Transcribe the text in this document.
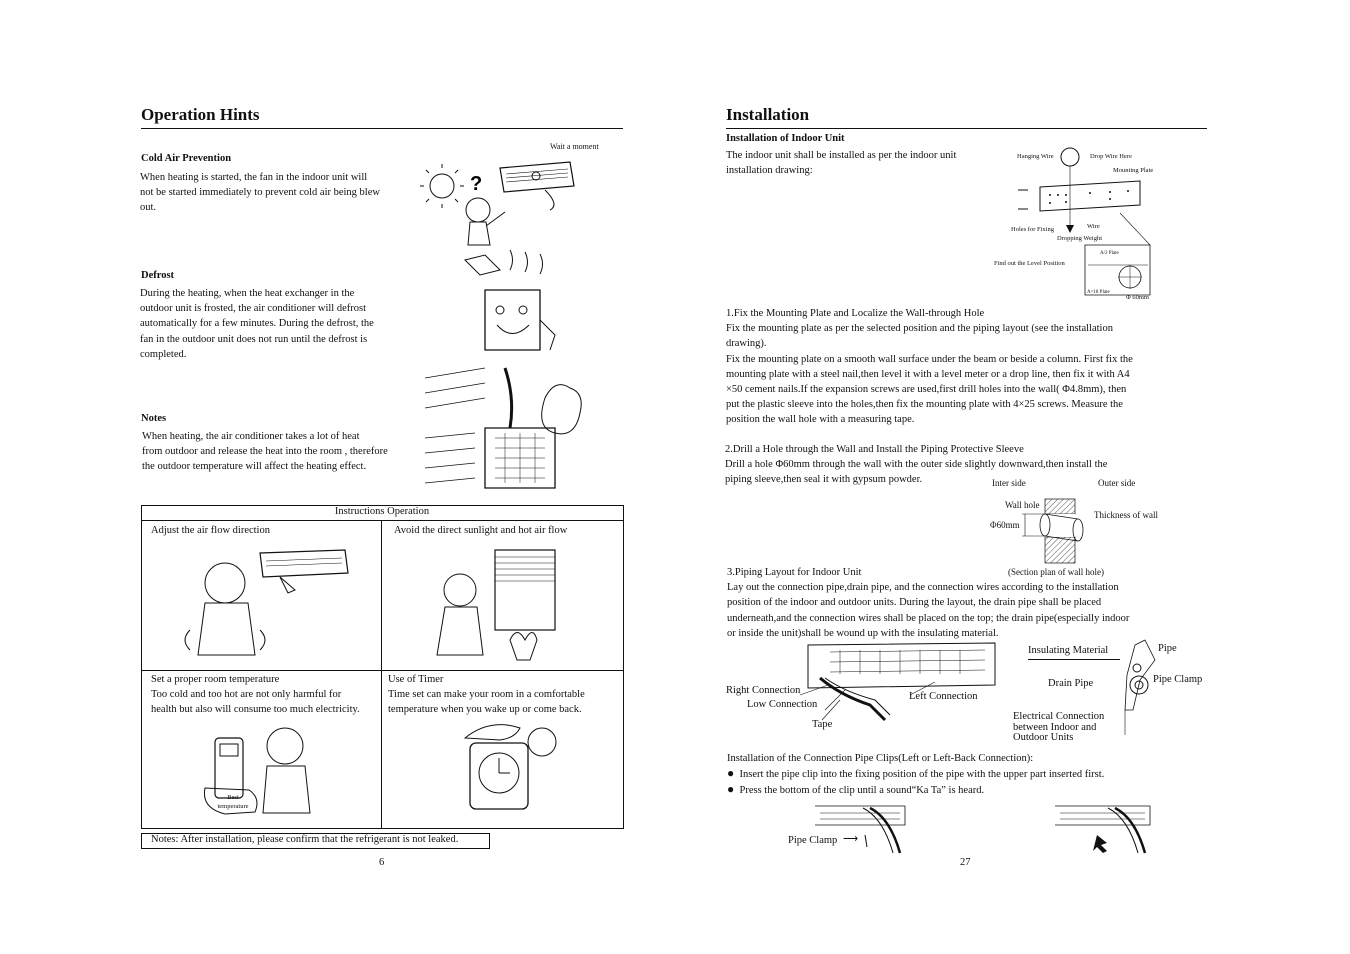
Operation Hints
Wait a moment
Cold Air Prevention
When heating is started, the fan in the indoor unit will
not be started immediately to prevent cold air being blew
out.
Defrost
During the heating, when the heat exchanger in the
outdoor unit is frosted, the air conditioner will defrost
automatically for a few minutes. During the defrost, the
fan in the outdoor unit does not run until the defrost is
completed.
Notes
When heating, the air conditioner takes a lot of heat
from outdoor and release the heat into the room , therefore
the outdoor temperature will affect the heating effect.
?
Instructions Operation
Adjust the air flow direction	Avoid the direct sunlight and hot air flow
Set a proper room temperature
Too cold and too hot are not only harmful for
health but also will consume too much electricity.
Use of Timer
Time set can make your room in a comfortable
temperature when you wake up or come back.
Best
temperature
Notes: After installation, please confirm that the refrigerant is not leaked.
6
Installation
Installation of Indoor Unit
The indoor unit shall be installed as per the indoor unit
installation drawing:
Hanging Wire	Drop Wire Here
Mounting Plate
Holes for Fixing	Wire
Dropping Weight
Find out the Level Position
A/2 Plate
A=18 Plate
Φ 60mm
1.Fix the Mounting Plate and Localize the Wall-through Hole
Fix the mounting plate as per the selected position and the piping layout (see the installation
drawing).
Fix the mounting plate on a smooth wall surface under the beam or beside a column. First fix the
mounting plate with a steel nail,then level it with a level meter or a drop line, then fix it with A4
×50 cement nails.If the expansion screws are used,first drill holes into the wall( Φ4.8mm), then
put the plastic sleeve into the holes,then fix the mounting plate with 4×25 screws. Measure the
position the wall hole with a measuring tape.
2.Drill a Hole through the Wall and Install the Piping Protective Sleeve
Drill a hole Φ60mm through the wall with the outer side slightly downward,then install the
piping sleeve,then seal it with gypsum powder.	Inter side	Outer side
Wall hole
Thickness of wall
Φ60mm
(Section plan of wall hole)
3.Piping Layout for Indoor Unit
Lay out the connection pipe,drain pipe, and the connection wires according to the installation
position of the indoor and outdoor units. During the layout, the drain pipe shall be placed
underneath,and the connection wires shall be placed on the top; the drain pipe(especially indoor
or inside the unit)shall be wound up with the insulating material.
Right Connection
Low Connection
Tape
Left Connection
Insulating Material	Pipe
Drain Pipe	Pipe Clamp
Electrical Connection
between Indoor and
Outdoor Units
Installation of the Connection Pipe Clips(Left or Left-Back Connection):
● Insert the pipe clip into the fixing position of the pipe with the upper part inserted first.
● Press the bottom of the clip until a sound“Ka Ta” is heard.
Pipe Clamp ⟶
27
